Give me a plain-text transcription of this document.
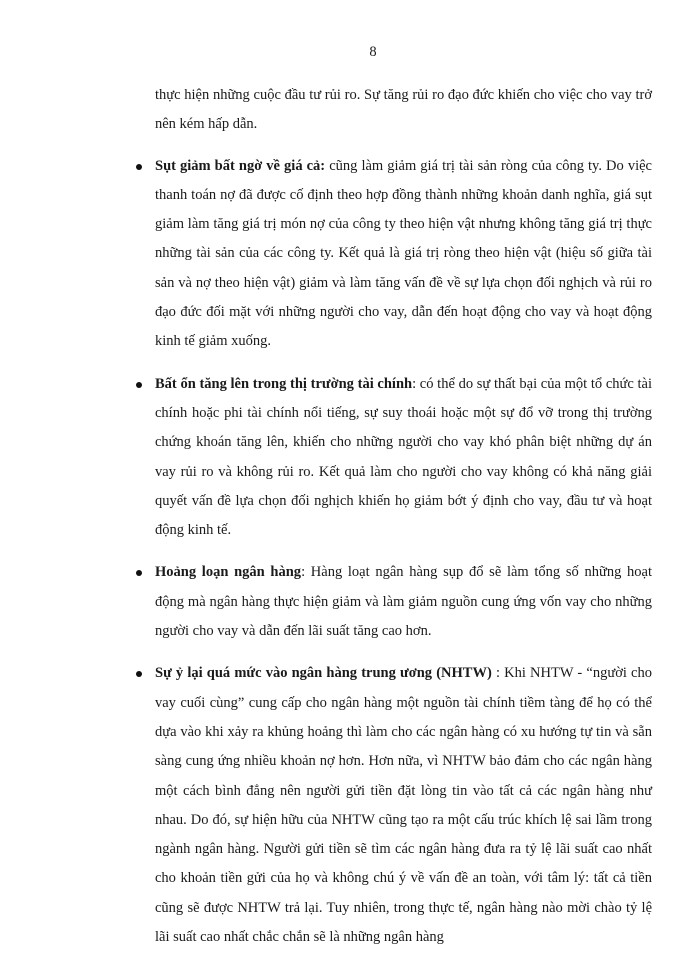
8

thực hiện những cuộc đầu tư rủi ro. Sự tăng rủi ro đạo đức khiến cho việc cho vay trở nên kém hấp dẫn.

Sụt giảm bất ngờ về giá cả: cũng làm giảm giá trị tài sản ròng của công ty. Do việc thanh toán nợ đã được cố định theo hợp đồng thành những khoản danh nghĩa, giá sụt giảm làm tăng giá trị món nợ của công ty theo hiện vật nhưng không tăng giá trị thực những tài sản của các công ty. Kết quả là giá trị ròng theo hiện vật (hiệu số giữa tài sản và nợ theo hiện vật) giảm và làm tăng vấn đề về sự lựa chọn đối nghịch và rủi ro đạo đức đối mặt với những người cho vay, dẫn đến hoạt động cho vay và hoạt động kinh tế giảm xuống.

Bất ổn tăng lên trong thị trường tài chính: có thể do sự thất bại của một tổ chức tài chính hoặc phi tài chính nổi tiếng, sự suy thoái hoặc một sự đổ vỡ trong thị trường chứng khoán tăng lên, khiến cho những người cho vay khó phân biệt những dự án vay rủi ro và không rủi ro. Kết quả làm cho người cho vay không có khả năng giải quyết vấn đề lựa chọn đối nghịch khiến họ giảm bớt ý định cho vay, đầu tư và hoạt động kinh tế.

Hoảng loạn ngân hàng: Hàng loạt ngân hàng sụp đổ sẽ làm tổng số những hoạt động mà ngân hàng thực hiện giảm và làm giảm nguồn cung ứng vốn vay cho những người cho vay và dẫn đến lãi suất tăng cao hơn.

Sự ỷ lại quá mức vào ngân hàng trung ương (NHTW) : Khi NHTW - “người cho vay cuối cùng” cung cấp cho ngân hàng một nguồn tài chính tiềm tàng để họ có thể dựa vào khi xảy ra khủng hoảng thì làm cho các ngân hàng có xu hướng tự tin và sẵn sàng cung ứng nhiều khoản nợ hơn. Hơn nữa, vì NHTW bảo đảm cho các ngân hàng một cách bình đẳng nên người gửi tiền đặt lòng tin vào tất cả các ngân hàng như nhau. Do đó, sự hiện hữu của NHTW cũng tạo ra một cấu trúc khích lệ sai lầm trong ngành ngân hàng. Người gửi tiền sẽ tìm các ngân hàng đưa ra tỷ lệ lãi suất cao nhất cho khoản tiền gửi của họ và không chú ý về vấn đề an toàn, với tâm lý: tất cả tiền cũng sẽ được NHTW trả lại. Tuy nhiên, trong thực tế, ngân hàng nào mời chào tỷ lệ lãi suất cao nhất chắc chắn sẽ là những ngân hàng
